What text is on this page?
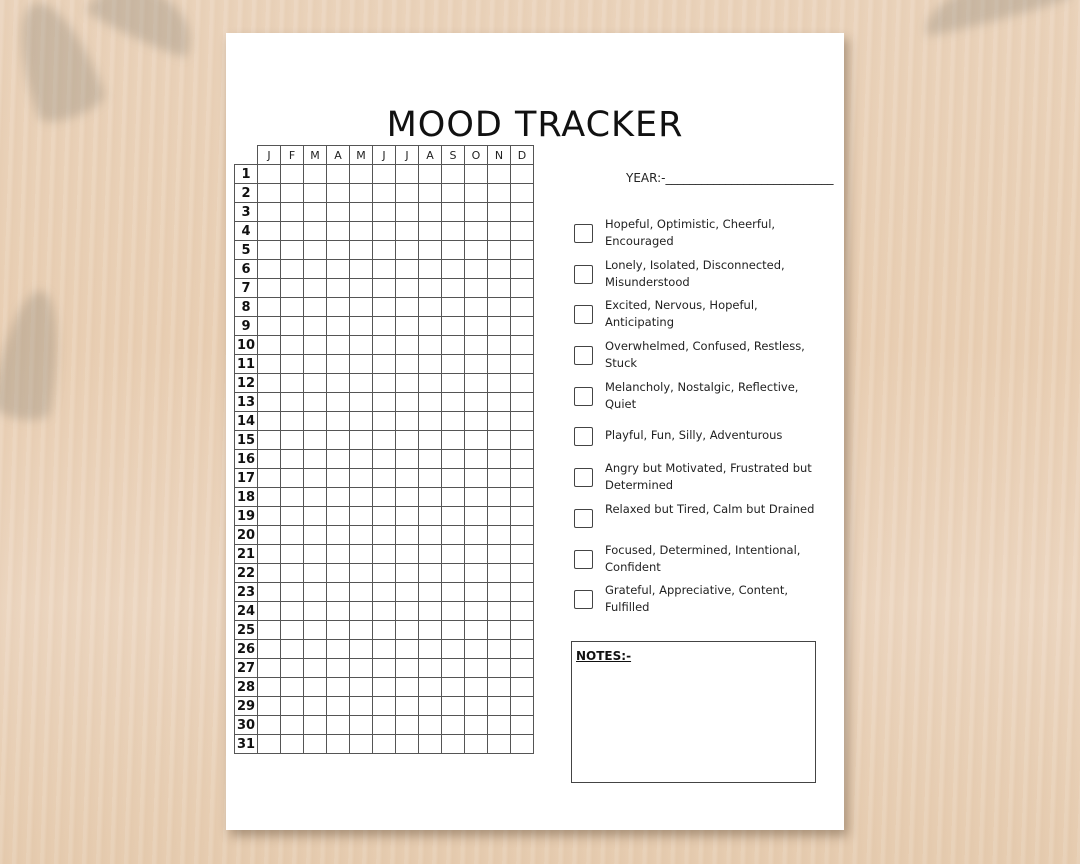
MOOD TRACKER
	J	F	M	A	M	J	J	A	S	O	N	D
1												
2												
3												
4												
5												
6												
7												
8												
9												
10												
11												
12												
13												
14												
15												
16												
17												
18												
19												
20												
21												
22												
23												
24												
25												
26												
27												
28												
29												
30												
31												
YEAR:-____________________________
Hopeful, Optimistic, Cheerful, Encouraged
Lonely, Isolated, Disconnected, Misunderstood
Excited, Nervous, Hopeful, Anticipating
Overwhelmed, Confused, Restless, Stuck
Melancholy, Nostalgic, Reflective, Quiet
Playful, Fun, Silly, Adventurous
Angry but Motivated, Frustrated but Determined
Relaxed but Tired, Calm but Drained
Focused, Determined, Intentional, Confident
Grateful, Appreciative, Content, Fulfilled
NOTES:-
